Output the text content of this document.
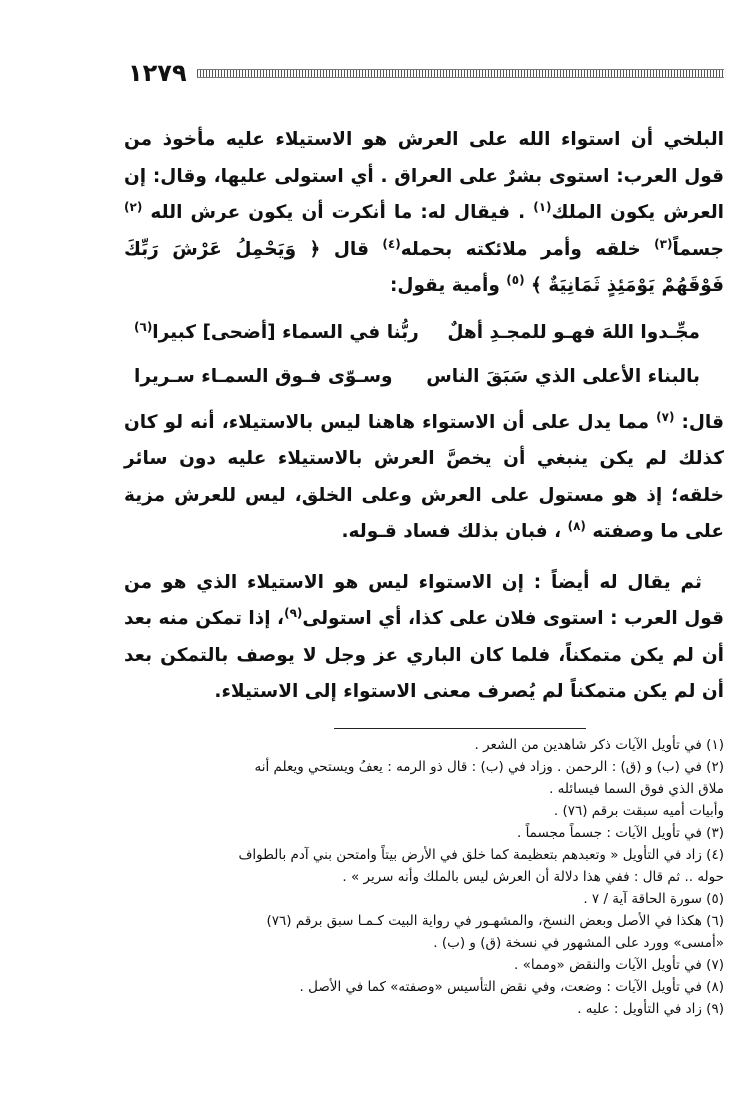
١٢٧٩

البلخي أن استواء الله على العرش هو الاستيلاء عليه مأخوذ من قول العرب: استوى بشرٌ على العراق . أي استولى عليها، وقال: إن العرش يكون الملك$^{(١)}$ . فيقال له: ما أنكرت أن يكون عرش الله $^{(٢)}$ جسماً$^{(٣)}$ خلقه وأمر ملائكته بحمله$^{(٤)}$ قال ﴿ وَيَحْمِلُ عَرْشَ رَبِّكَ فَوْقَهُمْ يَوْمَئِذٍ ثَمَانِيَةٌ ﴾ $^{(٥)}$ وأمية يقول:

مجِّـدوا اللهَ فهـو للمجـدِ أهلٌ
ربُّنا في السماء [أضحى] كبيرا$^{(٦)}$
بالبناء الأعلى الذي سَبَقَ الناس
وسـوّى فـوق السمـاء سـريرا

قال: $^{(٧)}$ مما يدل على أن الاستواء هاهنا ليس بالاستيلاء، أنه لو كان كذلك لم يكن ينبغي أن يخصَّ العرش بالاستيلاء عليه دون سائر خلقه؛ إذ هو مستول على العرش وعلى الخلق، ليس للعرش مزية على ما وصفته $^{(٨)}$ ، فبان بذلك فساد قـوله.

ثم يقال له أيضاً : إن الاستواء ليس هو الاستيلاء الذي هو من قول العرب : استوى فلان على كذا، أي استولى$^{(٩)}$، إذا تمكن منه بعد أن لم يكن متمكناً، فلما كان الباري عز وجل لا يوصف بالتمكن بعد أن لم يكن متمكناً لم يُصرف معنى الاستواء إلى الاستيلاء.

(١) في تأويل الآيات ذكر شاهدين من الشعر .

(٢) في (ب) و (ق) : الرحمن . وزاد في (ب) : قال ذو الرمه : يعفُ ويستحي ويعلم أنه

ملاق الذي فوق السما فيسائله .

وأبيات أميه سبقت برقم (٧٦) .

(٣) في تأويل الآيات : جسماً مجسماً .

(٤) زاد في التأويل « وتعبدهم بتعظيمة كما خلق في الأرض بيتاً وامتحن بني آدم بالطواف

حوله .. ثم قال : ففي هذا دلالة أن العرش ليس بالملك وأنه سرير » .

(٥) سورة الحاقة آية / ٧ .

(٦) هكذا في الأصل وبعض النسخ، والمشهـور في رواية البيت كـمـا سبق برقم (٧٦)

«أمسى» وورد على المشهور في نسخة (ق) و (ب) .

(٧) في تأويل الآيات والنقض «ومما» .

(٨) في تأويل الآيات : وضعت، وفي نقض التأسيس «وصفته» كما في الأصل .

(٩) زاد في التأويل : عليه .
